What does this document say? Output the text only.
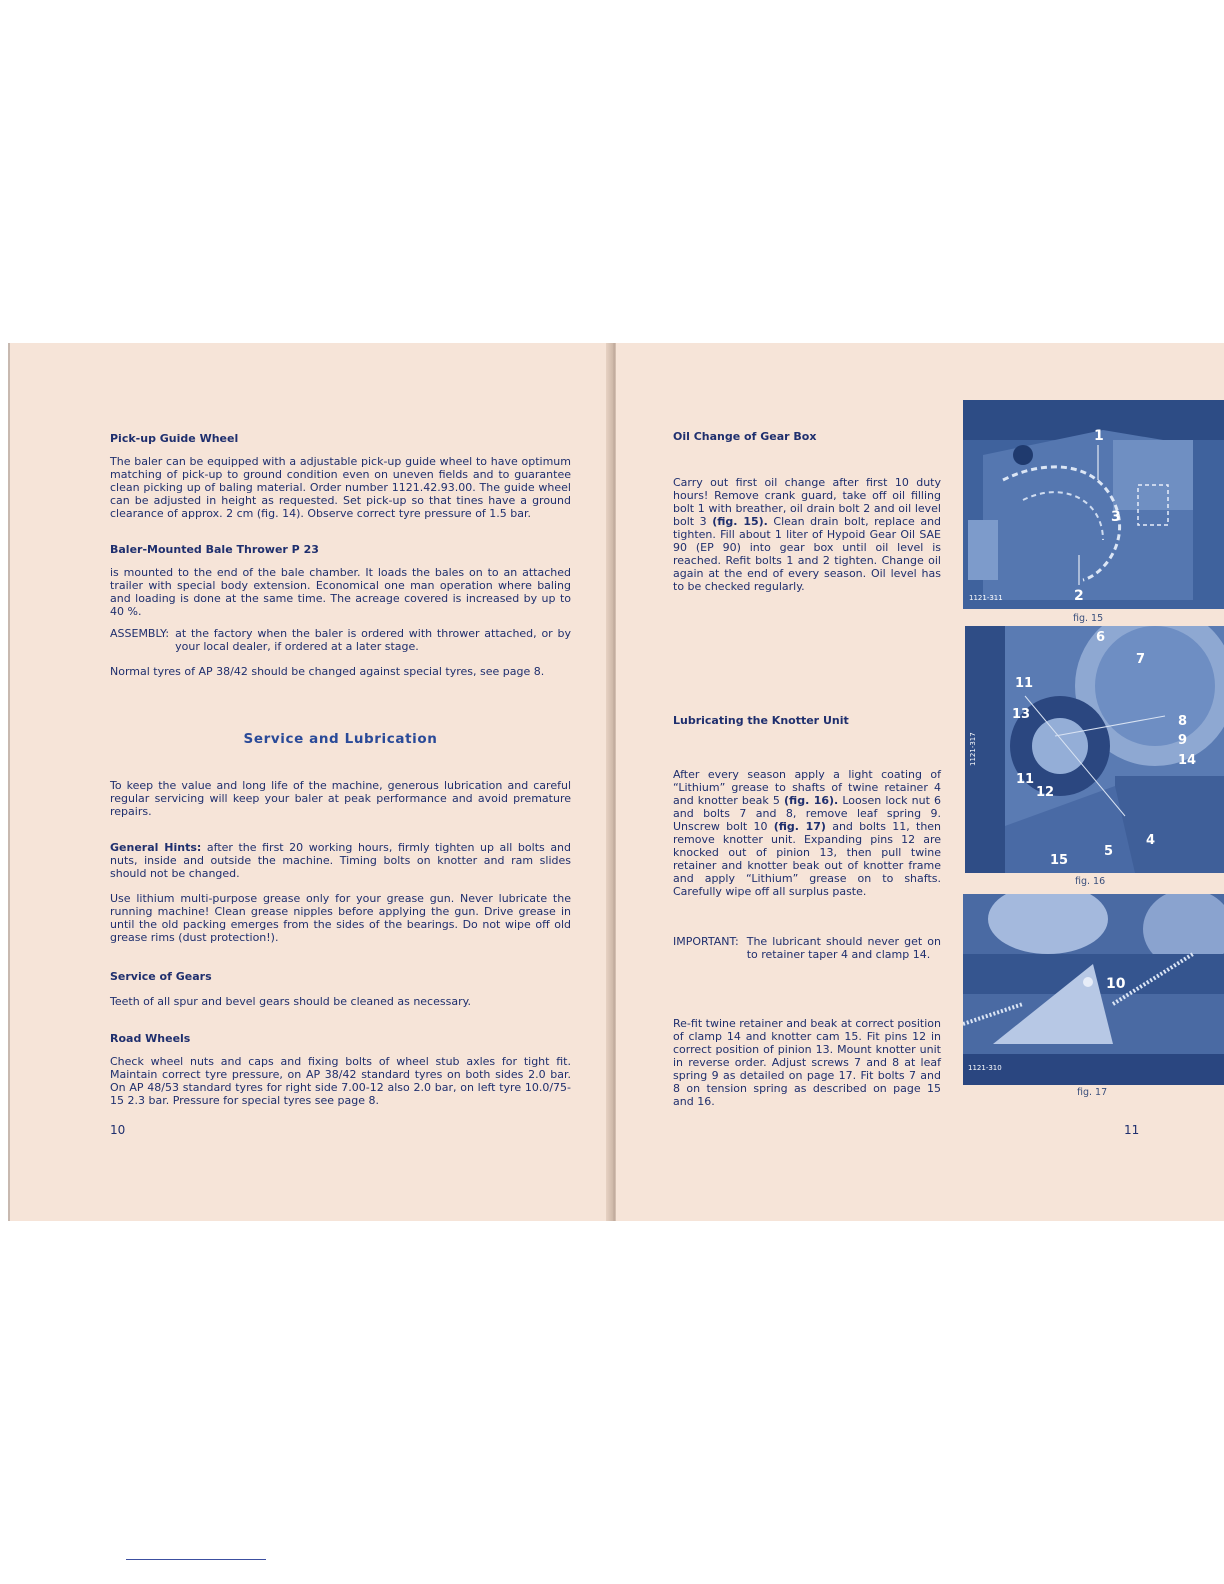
Pick-up Guide Wheel

The baler can be equipped with a adjustable pick-up guide wheel to have optimum matching of pick-up to ground condition even on uneven fields and to guarantee clean picking up of baling material. Order number 1121.42.93.00. The guide wheel can be adjusted in height as requested. Set pick-up so that tines have a ground clearance of approx. 2 cm (fig. 14). Observe correct tyre pressure of 1.5 bar.

Baler-Mounted Bale Thrower P 23

is mounted to the end of the bale chamber. It loads the bales on to an attached trailer with special body extension. Economical one man operation where baling and loading is done at the same time. The acreage covered is increased by up to 40 %.

ASSEMBLY: at the factory when the baler is ordered with thrower attached, or by your local dealer, if ordered at a later stage.

Normal tyres of AP 38/42 should be changed against special tyres, see page 8.

Service and Lubrication

To keep the value and long life of the machine, generous lubrication and careful regular servicing will keep your baler at peak performance and avoid premature repairs.

General Hints: after the first 20 working hours, firmly tighten up all bolts and nuts, inside and outside the machine. Timing bolts on knotter and ram slides should not be changed.

Use lithium multi-purpose grease only for your grease gun. Never lubricate the running machine! Clean grease nipples before applying the gun. Drive grease in until the old packing emerges from the sides of the bearings. Do not wipe off old grease rims (dust protection!).

Service of Gears

Teeth of all spur and bevel gears should be cleaned as necessary.

Road Wheels

Check wheel nuts and caps and fixing bolts of wheel stub axles for tight fit. Maintain correct tyre pressure, on AP 38/42 standard tyres on both sides 2.0 bar. On AP 48/53 standard tyres for right side 7.00-12 also 2.0 bar, on left tyre 10.0/75-15 2.3 bar. Pressure for special tyres see page 8.

10
Oil Change of Gear Box

Carry out first oil change after first 10 duty hours! Remove crank guard, take off oil filling bolt 1 with breather, oil drain bolt 2 and oil level bolt 3 (fig. 15). Clean drain bolt, replace and tighten. Fill about 1 liter of Hypoid Gear Oil SAE 90 (EP 90) into gear box until oil level is reached. Refit bolts 1 and 2 tighten. Change oil again at the end of every season. Oil level has to be checked regularly.

Lubricating the Knotter Unit

After every season apply a light coating of “Lithium” grease to shafts of twine retainer 4 and knotter beak 5 (fig. 16). Loosen lock nut 6 and bolts 7 and 8, remove leaf spring 9. Unscrew bolt 10 (fig. 17) and bolts 11, then remove knotter unit. Expanding pins 12 are knocked out of pinion 13, then pull twine retainer and knotter beak out of knotter frame and apply “Lithium” grease on to shafts. Carefully wipe off all surplus paste.

IMPORTANT: The lubricant should never get on to retainer taper 4 and clamp 14.

Re-fit twine retainer and beak at correct position of clamp 14 and knotter cam 15. Fit pins 12 in correct position of pinion 13. Mount knotter unit in reverse order. Adjust screws 7 and 8 at leaf spring 9 as detailed on page 17. Fit bolts 7 and 8 on tension spring as described on page 15 and 16.

11
1
2
3
1121-311
fig. 15
6
7
11
13	8
9
14
11
12
4
5
15
1121-317
fig. 16
10
1121-310
fig. 17
